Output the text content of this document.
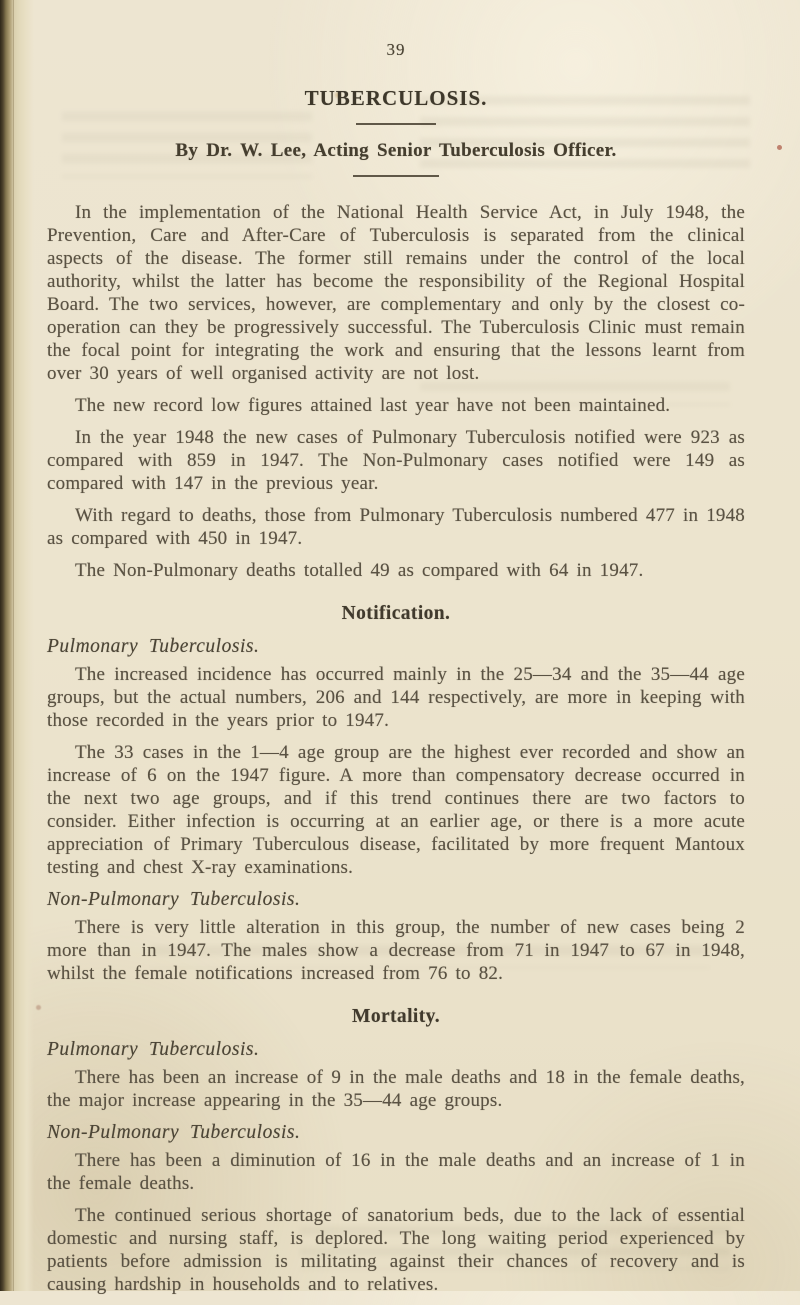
39
TUBERCULOSIS.
By Dr. W. Lee, Acting Senior Tuberculosis Officer.

In the implementation of the National Health Service Act, in July 1948, the Prevention, Care and After-Care of Tuberculosis is separated from the clinical aspects of the disease. The former still remains under the control of the local authority, whilst the latter has become the responsibility of the Regional Hospital Board. The two services, however, are complementary and only by the closest co-operation can they be progressively successful. The Tuberculosis Clinic must remain the focal point for integrating the work and ensuring that the lessons learnt from over 30 years of well organised activity are not lost.

The new record low figures attained last year have not been maintained.

In the year 1948 the new cases of Pulmonary Tuberculosis notified were 923 as compared with 859 in 1947. The Non-Pulmonary cases notified were 149 as compared with 147 in the previous year.

With regard to deaths, those from Pulmonary Tuberculosis numbered 477 in 1948 as compared with 450 in 1947.

The Non-Pulmonary deaths totalled 49 as compared with 64 in 1947.

Notification.
Pulmonary Tuberculosis.

The increased incidence has occurred mainly in the 25—34 and the 35—44 age groups, but the actual numbers, 206 and 144 respectively, are more in keeping with those recorded in the years prior to 1947.

The 33 cases in the 1—4 age group are the highest ever recorded and show an increase of 6 on the 1947 figure. A more than compensatory decrease occurred in the next two age groups, and if this trend continues there are two factors to consider. Either infection is occurring at an earlier age, or there is a more acute appreciation of Primary Tuberculous disease, facilitated by more frequent Mantoux testing and chest X-ray examinations.

Non-Pulmonary Tuberculosis.

There is very little alteration in this group, the number of new cases being 2 more than in 1947. The males show a decrease from 71 in 1947 to 67 in 1948, whilst the female notifications increased from 76 to 82.

Mortality.
Pulmonary Tuberculosis.

There has been an increase of 9 in the male deaths and 18 in the female deaths, the major increase appearing in the 35—44 age groups.

Non-Pulmonary Tuberculosis.

There has been a diminution of 16 in the male deaths and an increase of 1 in the female deaths.

The continued serious shortage of sanatorium beds, due to the lack of essential domestic and nursing staff, is deplored. The long waiting period experienced by patients before admission is militating against their chances of recovery and is causing hardship in households and to relatives.
